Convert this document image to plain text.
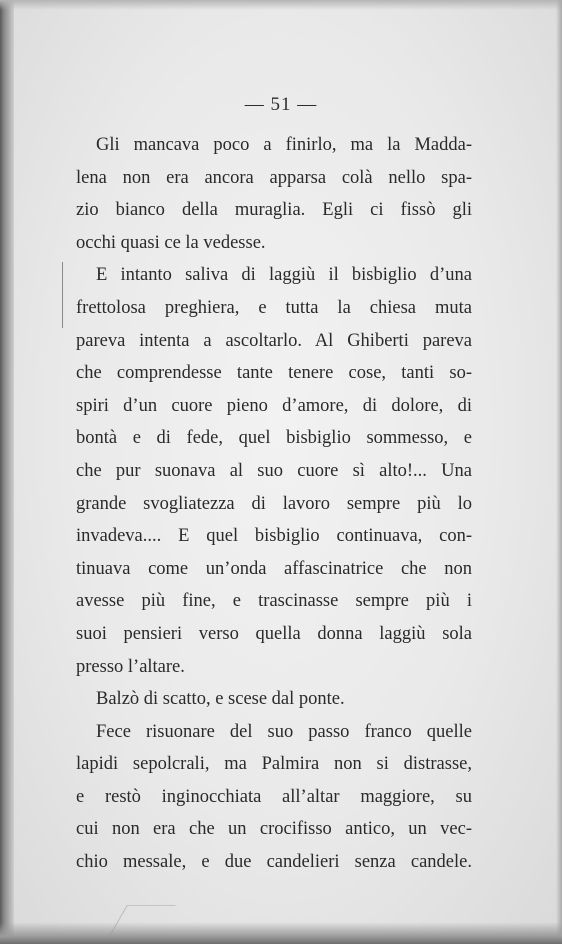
— 51 —
Gli mancava poco a finirlo, ma la Madda-
lena non era ancora apparsa colà nello spa-
zio bianco della muraglia. Egli ci fissò gli
occhi quasi ce la vedesse.
E intanto saliva di laggiù il bisbiglio d’una
frettolosa preghiera, e tutta la chiesa muta
pareva intenta a ascoltarlo. Al Ghiberti pareva
che comprendesse tante tenere cose, tanti so-
spiri d’un cuore pieno d’amore, di dolore, di
bontà e di fede, quel bisbiglio sommesso, e
che pur suonava al suo cuore sì alto!... Una
grande svogliatezza di lavoro sempre più lo
invadeva.... E quel bisbiglio continuava, con-
tinuava come un’onda affascinatrice che non
avesse più fine, e trascinasse sempre più i
suoi pensieri verso quella donna laggiù sola
presso l’altare.
Balzò di scatto, e scese dal ponte.
Fece risuonare del suo passo franco quelle
lapidi sepolcrali, ma Palmira non si distrasse,
e restò inginocchiata all’altar maggiore, su
cui non era che un crocifisso antico, un vec-
chio messale, e due candelieri senza candele.
